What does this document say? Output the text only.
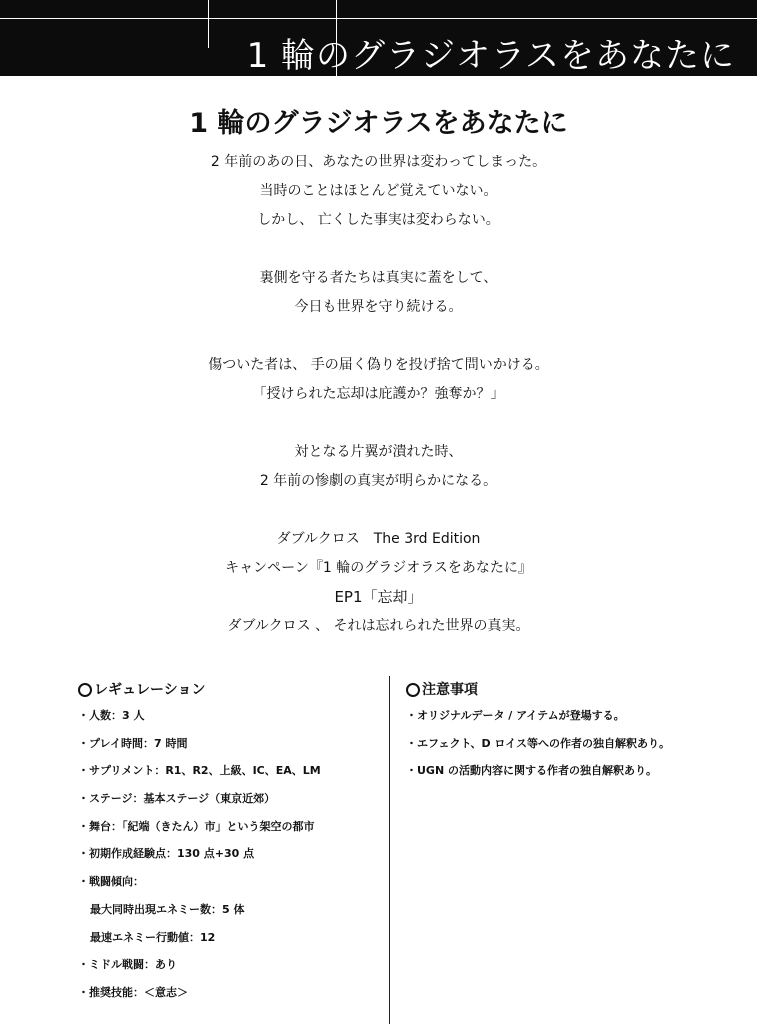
1 輪のグラジオラスをあなたに
1 輪のグラジオラスをあなたに
2 年前のあの日、あなたの世界は変わってしまった。
当時のことはほとんど覚えていない。
しかし、 亡くした事実は変わらない。
裏側を守る者たちは真実に蓋をして、
今日も世界を守り続ける。
傷ついた者は、 手の届く偽りを投げ捨て問いかける。
「授けられた忘却は庇護か？強奪か？」
対となる片翼が潰れた時、
2 年前の惨劇の真実が明らかになる。
ダブルクロス　The 3rd Edition
キャンペーン『1 輪のグラジオラスをあなたに』
EP1「忘却」
ダブルクロス 、 それは忘れられた世界の真実。
レギュレーション
・人数：3 人
・プレイ時間：7 時間
・サプリメント：R1、R2、上級、IC、EA、LM
・ステージ：基本ステージ（東京近郊）
・舞台：「紀端（きたん）市」という架空の都市
・初期作成経験点：130 点+30 点
・戦闘傾向：
最大同時出現エネミー数：5 体
最速エネミー行動値：12
・ミドル戦闘：あり
・推奨技能：＜意志＞
注意事項
・オリジナルデータ / アイテムが登場する。
・エフェクト、D ロイス等への作者の独自解釈あり。
・UGN の活動内容に関する作者の独自解釈あり。
